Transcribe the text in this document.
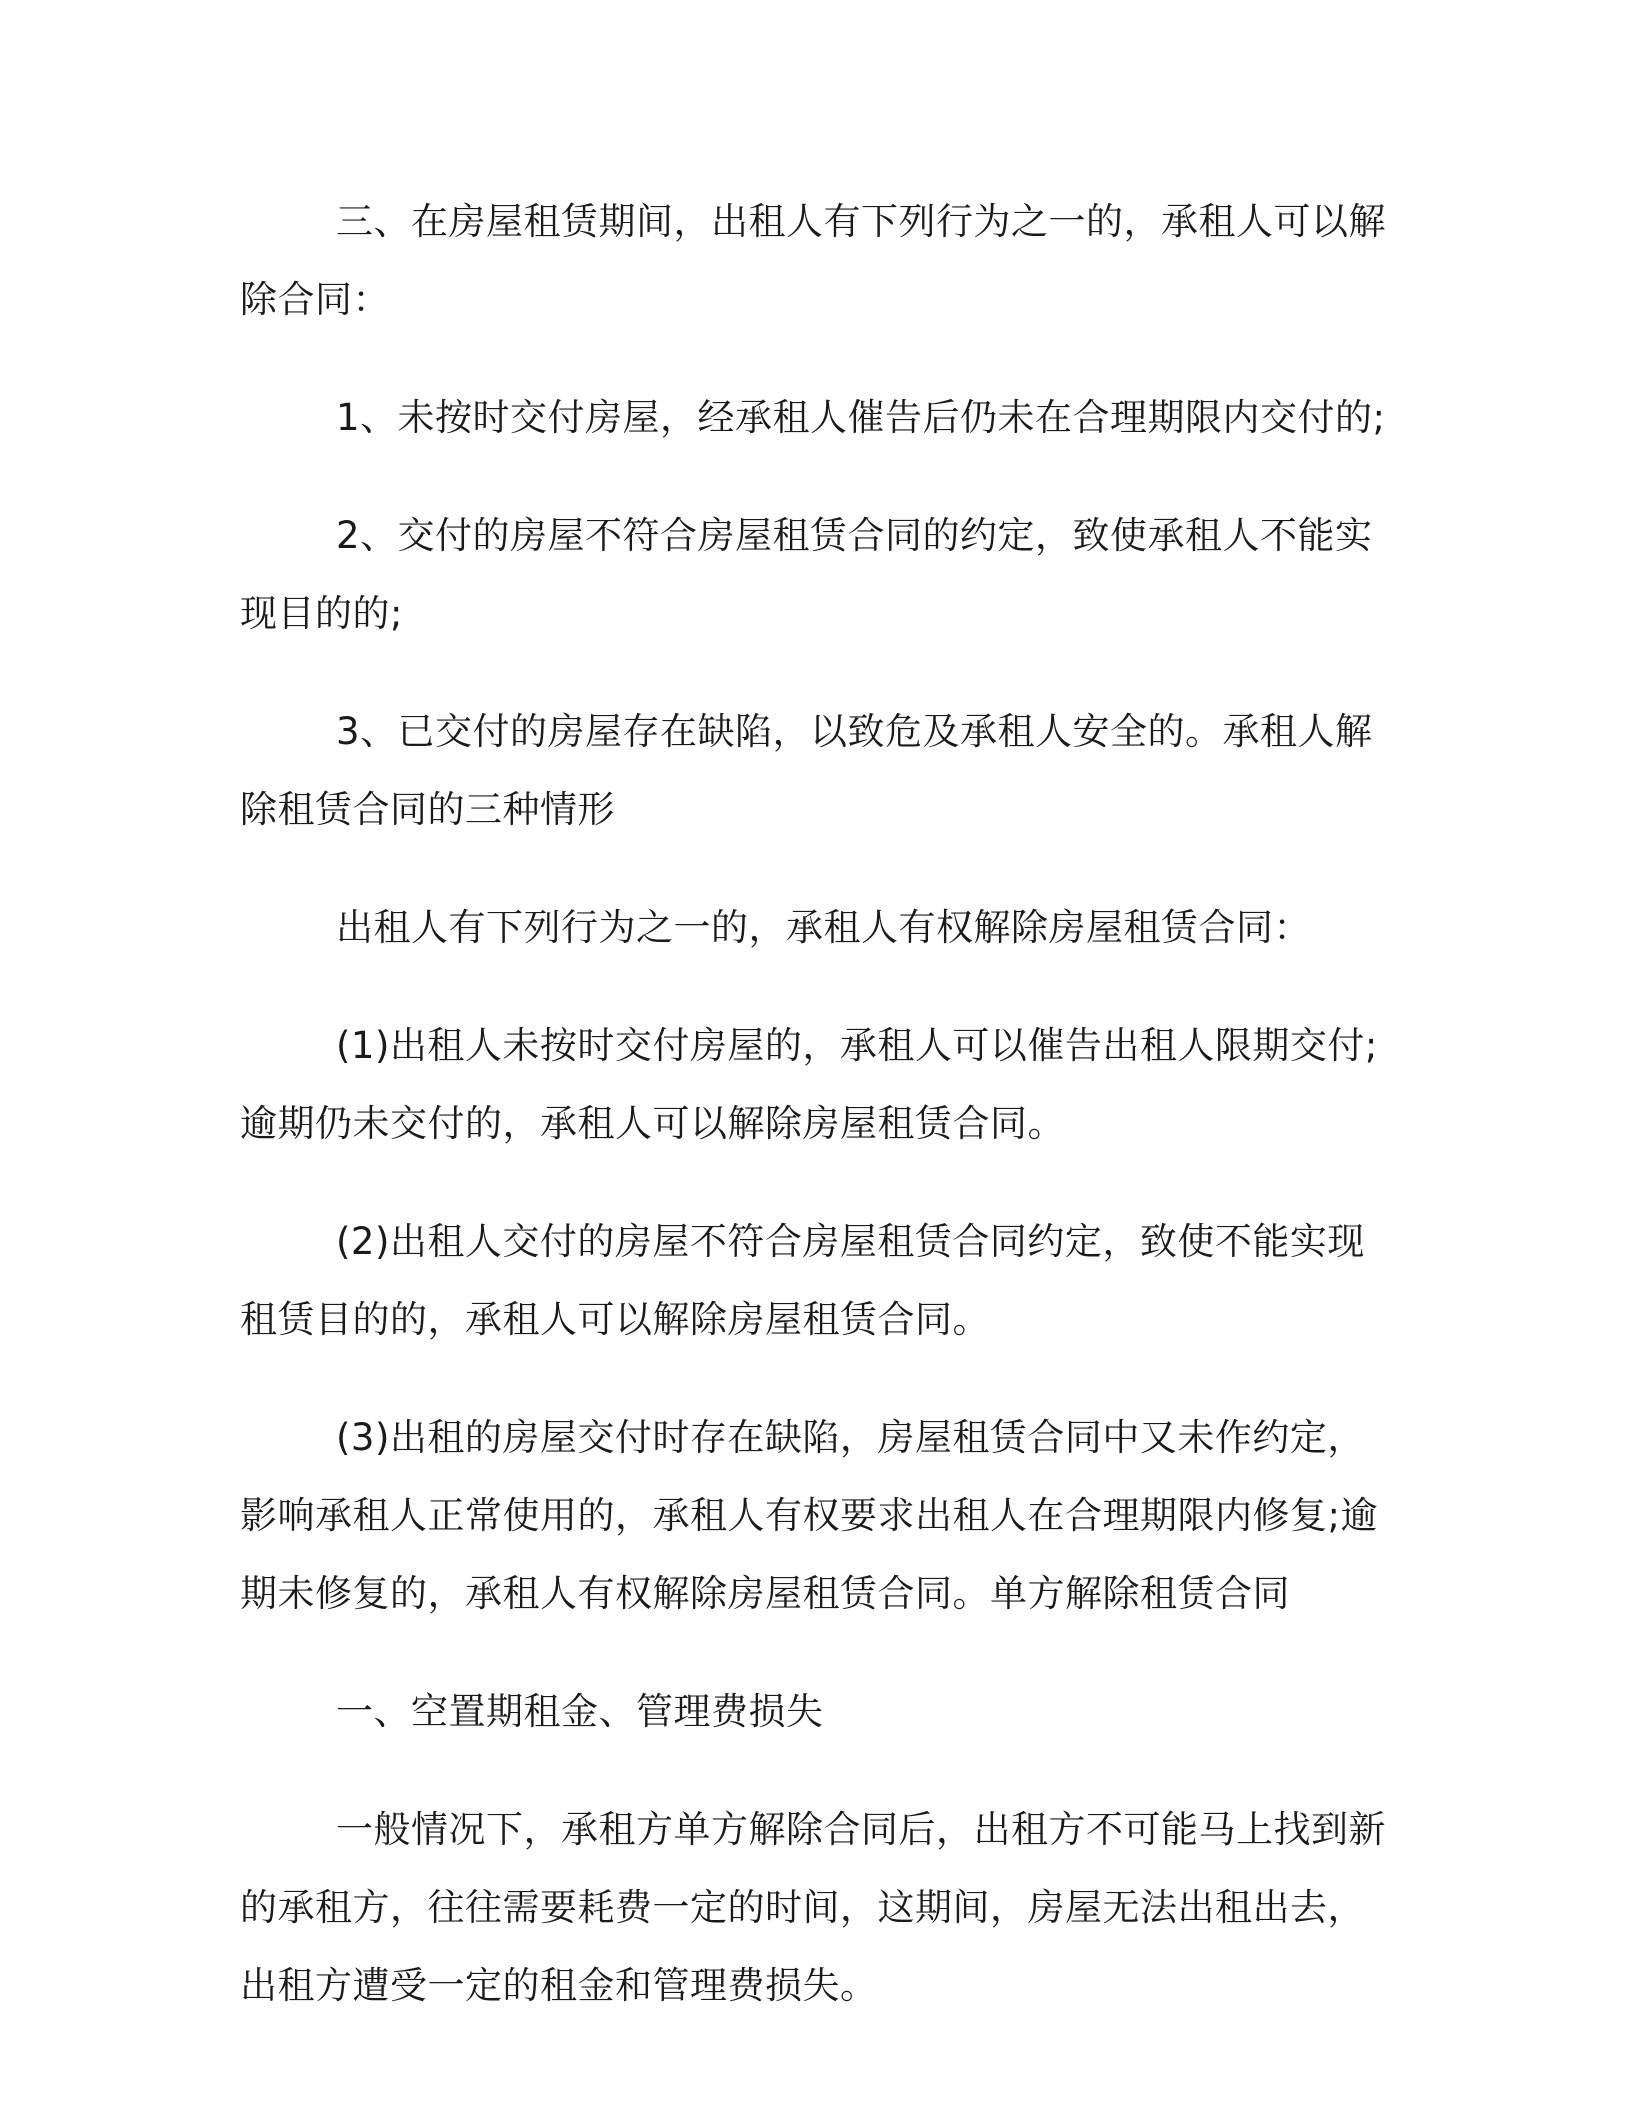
三、在房屋租赁期间，出租人有下列行为之一的，承租人可以解除合同：

1、未按时交付房屋，经承租人催告后仍未在合理期限内交付的;

2、交付的房屋不符合房屋租赁合同的约定，致使承租人不能实现目的的;

3、已交付的房屋存在缺陷，以致危及承租人安全的。承租人解除租赁合同的三种情形

出租人有下列行为之一的，承租人有权解除房屋租赁合同：

(1)出租人未按时交付房屋的，承租人可以催告出租人限期交付;逾期仍未交付的，承租人可以解除房屋租赁合同。

(2)出租人交付的房屋不符合房屋租赁合同约定，致使不能实现租赁目的的，承租人可以解除房屋租赁合同。

(3)出租的房屋交付时存在缺陷，房屋租赁合同中又未作约定，影响承租人正常使用的，承租人有权要求出租人在合理期限内修复;逾期未修复的，承租人有权解除房屋租赁合同。单方解除租赁合同

一、空置期租金、管理费损失

一般情况下，承租方单方解除合同后，出租方不可能马上找到新的承租方，往往需要耗费一定的时间，这期间，房屋无法出租出去，出租方遭受一定的租金和管理费损失。
